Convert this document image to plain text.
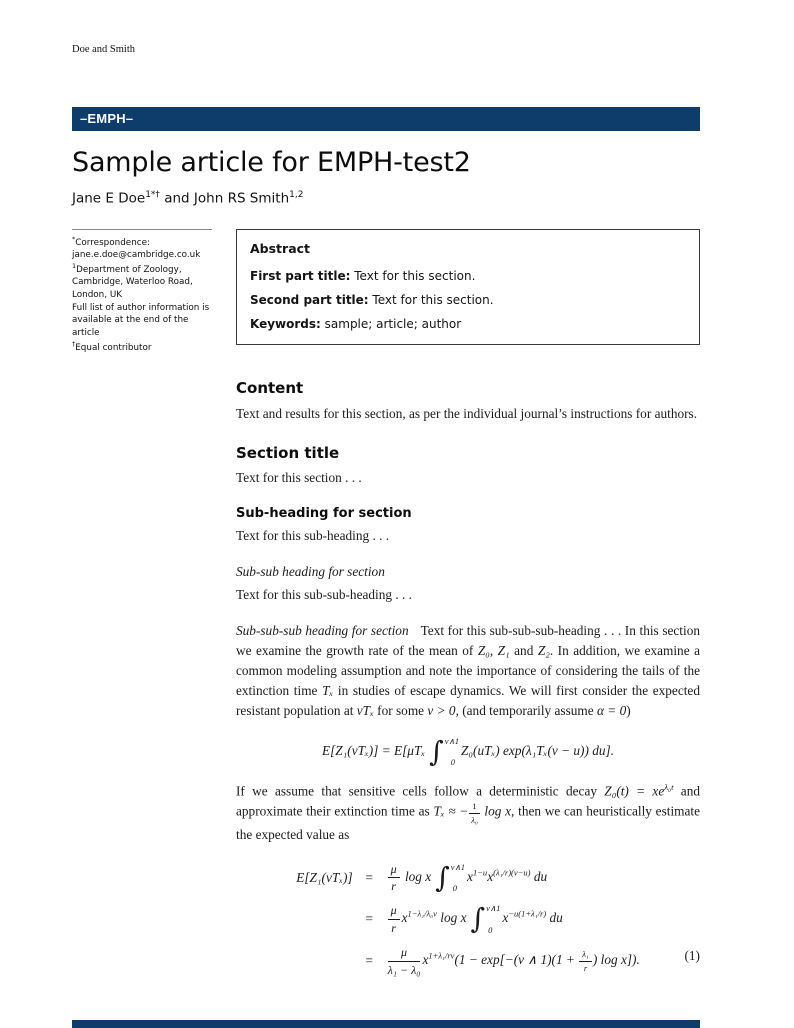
Doe and Smith
–EMPH–
Sample article for EMPH-test2
Jane E Doe$^{1*\dagger}$ and John RS Smith$^{1,2}$

*Correspondence:
jane.e.doe@cambridge.co.uk

$^1$Department of Zoology, Cambridge, Waterloo Road, London, UK

Full list of author information is available at the end of the article

†Equal contributor

Abstract

First part title: Text for this section.

Second part title: Text for this section.

Keywords: sample; article; author

Content

Text and results for this section, as per the individual journal’s instructions for authors.

Section title

Text for this section . . .

Sub-heading for section

Text for this sub-heading . . .

Sub-sub heading for section

Text for this sub-sub-heading . . .

Sub-sub-sub heading for section Text for this sub-sub-sub-heading . . . In this section we examine the growth rate of the mean of Z₀, Z₁ and Z₂. In addition, we examine a common modeling assumption and note the importance of considering the tails of the extinction time Tₓ in studies of escape dynamics. We will first consider the expected resistant population at vTₓ for some v > 0, (and temporarily assume α = 0)

E[Z₁(vTₓ)] = E[μTₓ ∫ v∧1
0
Z₀(uTₓ) exp(λ₁Tₓ(v − u)) du].

If we assume that sensitive cells follow a deterministic decay $Z_0(t) = xe^{\lambda_0t}$ and approximate their extinction time as Tₓ ≈ − $\frac{1}{\text{λ₀}}$ log x, then we can heuristically estimate the expected value as

E[Z₁(vTₓ)]	=	$\frac{\mu}{r}$ log x ∫ v∧1
0
$x^{1-u}x^{(\lambda_1/r)(v-u)}$ du
	=	$\frac{\mu}{r} x^{1-\lambda_1/\lambda_0v}$ log x ∫ v∧1
0
$x^{-u(1+\lambda_1/r)}$ du
	=	$\frac{\mu}{\text{λ₁ − λ₀}} x^{1+\lambda_1/rv}(1 - \exp[-(v$ ∧ $1)(1 + \frac{\text{λ₁}}{r}$ ) log x]).	(1)
